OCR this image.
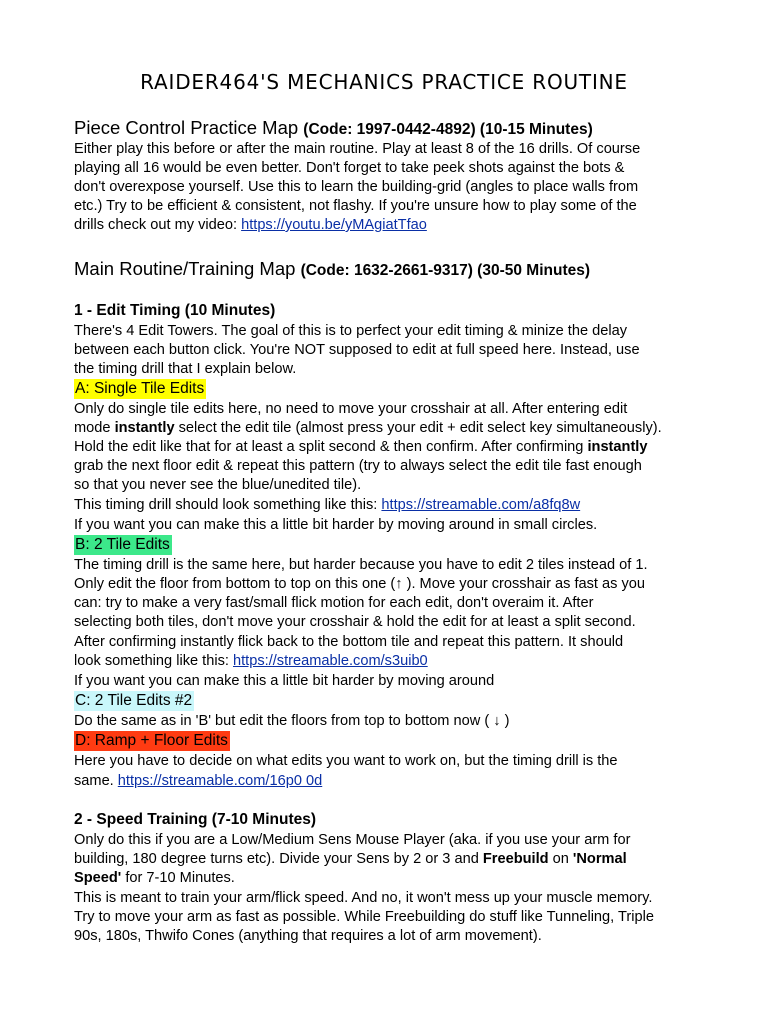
RAIDER464'S MECHANICS PRACTICE ROUTINE
Piece Control Practice Map (Code: 1997-0442-4892) (10-15 Minutes)
Either play this before or after the main routine. Play at least 8 of the 16 drills. Of course
playing all 16 would be even better. Don't forget to take peek shots against the bots &
don't overexpose yourself. Use this to learn the building-grid (angles to place walls from
etc.) Try to be efficient & consistent, not flashy. If you're unsure how to play some of the
drills check out my video: https://youtu.be/yMAgiatTfao
Main Routine/Training Map (Code: 1632-2661-9317) (30-50 Minutes)
1 - Edit Timing (10 Minutes)
There's 4 Edit Towers. The goal of this is to perfect your edit timing & minize the delay
between each button click. You're NOT supposed to edit at full speed here. Instead, use
the timing drill that I explain below.
A: Single Tile Edits
Only do single tile edits here, no need to move your crosshair at all. After entering edit
mode instantly select the edit tile (almost press your edit + edit select key simultaneously).
Hold the edit like that for at least a split second & then confirm. After confirming instantly
grab the next floor edit & repeat this pattern (try to always select the edit tile fast enough
so that you never see the blue/unedited tile).
This timing drill should look something like this: https://streamable.com/a8fq8w
If you want you can make this a little bit harder by moving around in small circles.
B: 2 Tile Edits
The timing drill is the same here, but harder because you have to edit 2 tiles instead of 1.
Only edit the floor from bottom to top on this one (↑ ). Move your crosshair as fast as you
can: try to make a very fast/small flick motion for each edit, don't overaim it. After
selecting both tiles, don't move your crosshair & hold the edit for at least a split second.
After confirming instantly flick back to the bottom tile and repeat this pattern. It should
look something like this: https://streamable.com/s3uib0
If you want you can make this a little bit harder by moving around
C: 2 Tile Edits #2
Do the same as in 'B' but edit the floors from top to bottom now ( ↓ )
D: Ramp + Floor Edits
Here you have to decide on what edits you want to work on, but the timing drill is the
same. https://streamable.com/16p0 0d
2 - Speed Training (7-10 Minutes)
Only do this if you are a Low/Medium Sens Mouse Player (aka. if you use your arm for
building, 180 degree turns etc). Divide your Sens by 2 or 3 and Freebuild on 'Normal
Speed' for 7-10 Minutes.
This is meant to train your arm/flick speed. And no, it won't mess up your muscle memory.
Try to move your arm as fast as possible. While Freebuilding do stuff like Tunneling, Triple
90s, 180s, Thwifo Cones (anything that requires a lot of arm movement).
